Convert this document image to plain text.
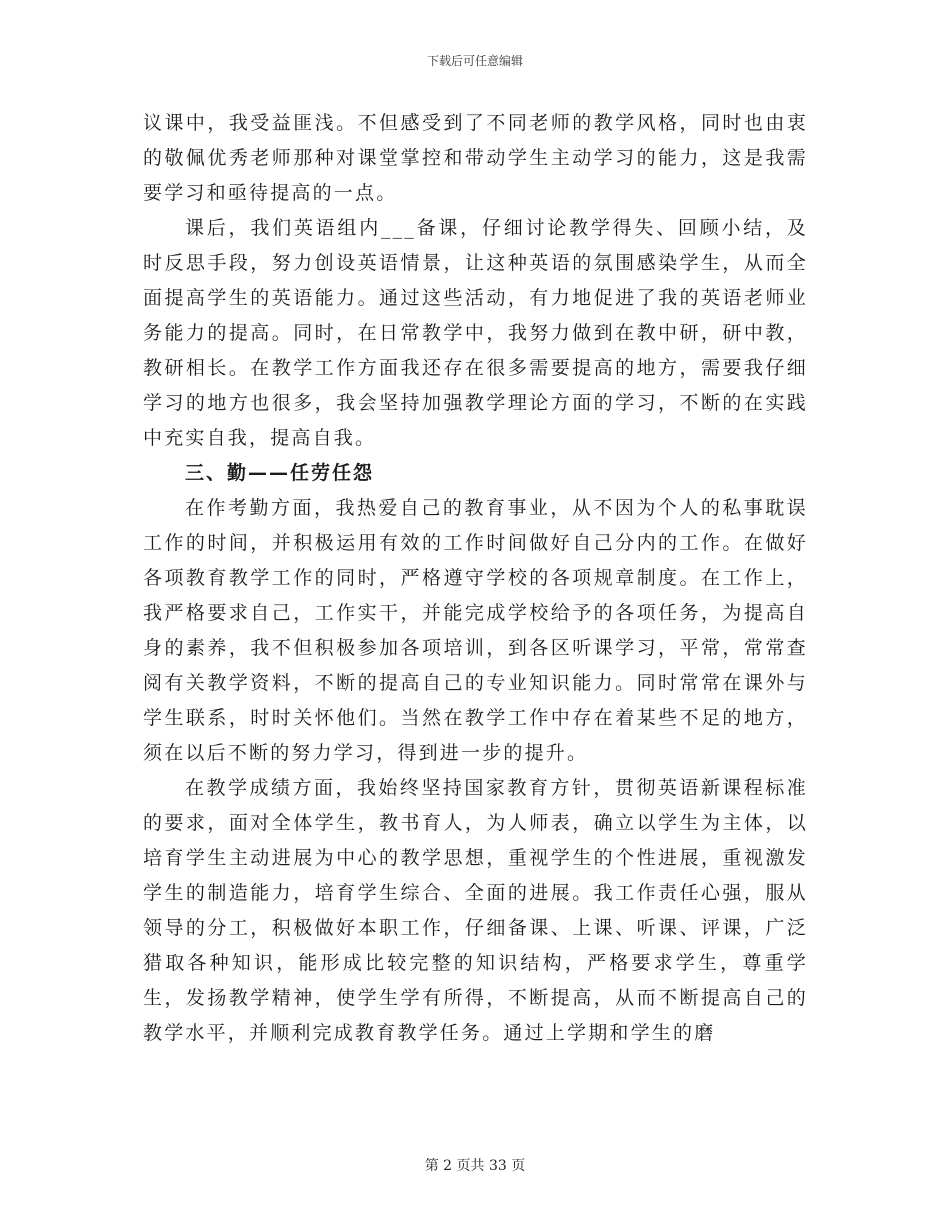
下载后可任意编辑

议课中，我受益匪浅。不但感受到了不同老师的教学风格，同时也由衷的敬佩优秀老师那种对课堂掌控和带动学生主动学习的能力，这是我需要学习和亟待提高的一点。

课后，我们英语组内___备课，仔细讨论教学得失、回顾小结，及时反思手段，努力创设英语情景，让这种英语的氛围感染学生，从而全面提高学生的英语能力。通过这些活动，有力地促进了我的英语老师业务能力的提高。同时，在日常教学中，我努力做到在教中研，研中教，教研相长。在教学工作方面我还存在很多需要提高的地方，需要我仔细学习的地方也很多，我会坚持加强教学理论方面的学习，不断的在实践中充实自我，提高自我。

三、勤——任劳任怨

在作考勤方面，我热爱自己的教育事业，从不因为个人的私事耽误工作的时间，并积极运用有效的工作时间做好自己分内的工作。在做好各项教育教学工作的同时，严格遵守学校的各项规章制度。在工作上，我严格要求自己，工作实干，并能完成学校给予的各项任务，为提高自身的素养，我不但积极参加各项培训，到各区听课学习，平常，常常查阅有关教学资料，不断的提高自己的专业知识能力。同时常常在课外与学生联系，时时关怀他们。当然在教学工作中存在着某些不足的地方，须在以后不断的努力学习，得到进一步的提升。

在教学成绩方面，我始终坚持国家教育方针，贯彻英语新课程标准的要求，面对全体学生，教书育人，为人师表，确立以学生为主体，以培育学生主动进展为中心的教学思想，重视学生的个性进展，重视激发学生的制造能力，培育学生综合、全面的进展。我工作责任心强，服从领导的分工，积极做好本职工作，仔细备课、上课、听课、评课，广泛猎取各种知识，能形成比较完整的知识结构，严格要求学生，尊重学生，发扬教学精神，使学生学有所得，不断提高，从而不断提高自己的教学水平，并顺利完成教育教学任务。通过上学期和学生的磨

第 2 页共 33 页
